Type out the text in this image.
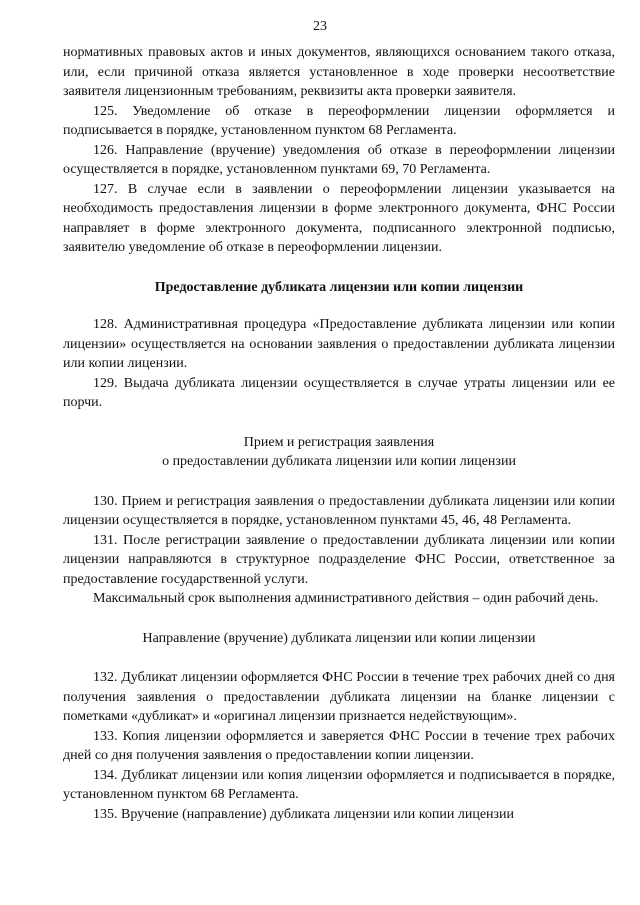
23

нормативных правовых актов и иных документов, являющихся основанием такого отказа, или, если причиной отказа является установленное в ходе проверки несоответствие заявителя лицензионным требованиям, реквизиты акта проверки заявителя.

125. Уведомление об отказе в переоформлении лицензии оформляется и подписывается в порядке, установленном пунктом 68 Регламента.

126. Направление (вручение) уведомления об отказе в переоформлении лицензии осуществляется в порядке, установленном пунктами 69, 70 Регламента.

127. В случае если в заявлении о переоформлении лицензии указывается на необходимость предоставления лицензии в форме электронного документа, ФНС России направляет в форме электронного документа, подписанного электронной подписью, заявителю уведомление об отказе в переоформлении лицензии.

Предоставление дубликата лицензии или копии лицензии

128. Административная процедура «Предоставление дубликата лицензии или копии лицензии» осуществляется на основании заявления о предоставлении дубликата лицензии или копии лицензии.

129. Выдача дубликата лицензии осуществляется в случае утраты лицензии или ее порчи.

Прием и регистрация заявления

о предоставлении дубликата лицензии или копии лицензии

130. Прием и регистрация заявления о предоставлении дубликата лицензии или копии лицензии осуществляется в порядке, установленном пунктами 45, 46, 48 Регламента.

131. После регистрации заявление о предоставлении дубликата лицензии или копии лицензии направляются в структурное подразделение ФНС России, ответственное за предоставление государственной услуги.

Максимальный срок выполнения административного действия – один рабочий день.

Направление (вручение) дубликата лицензии или копии лицензии

132. Дубликат лицензии оформляется ФНС России в течение трех рабочих дней со дня получения заявления о предоставлении дубликата лицензии на бланке лицензии с пометками «дубликат» и «оригинал лицензии признается недействующим».

133. Копия лицензии оформляется и заверяется ФНС России в течение трех рабочих дней со дня получения заявления о предоставлении копии лицензии.

134. Дубликат лицензии или копия лицензии оформляется и подписывается в порядке, установленном пунктом 68 Регламента.

135. Вручение (направление) дубликата лицензии или копии лицензии
